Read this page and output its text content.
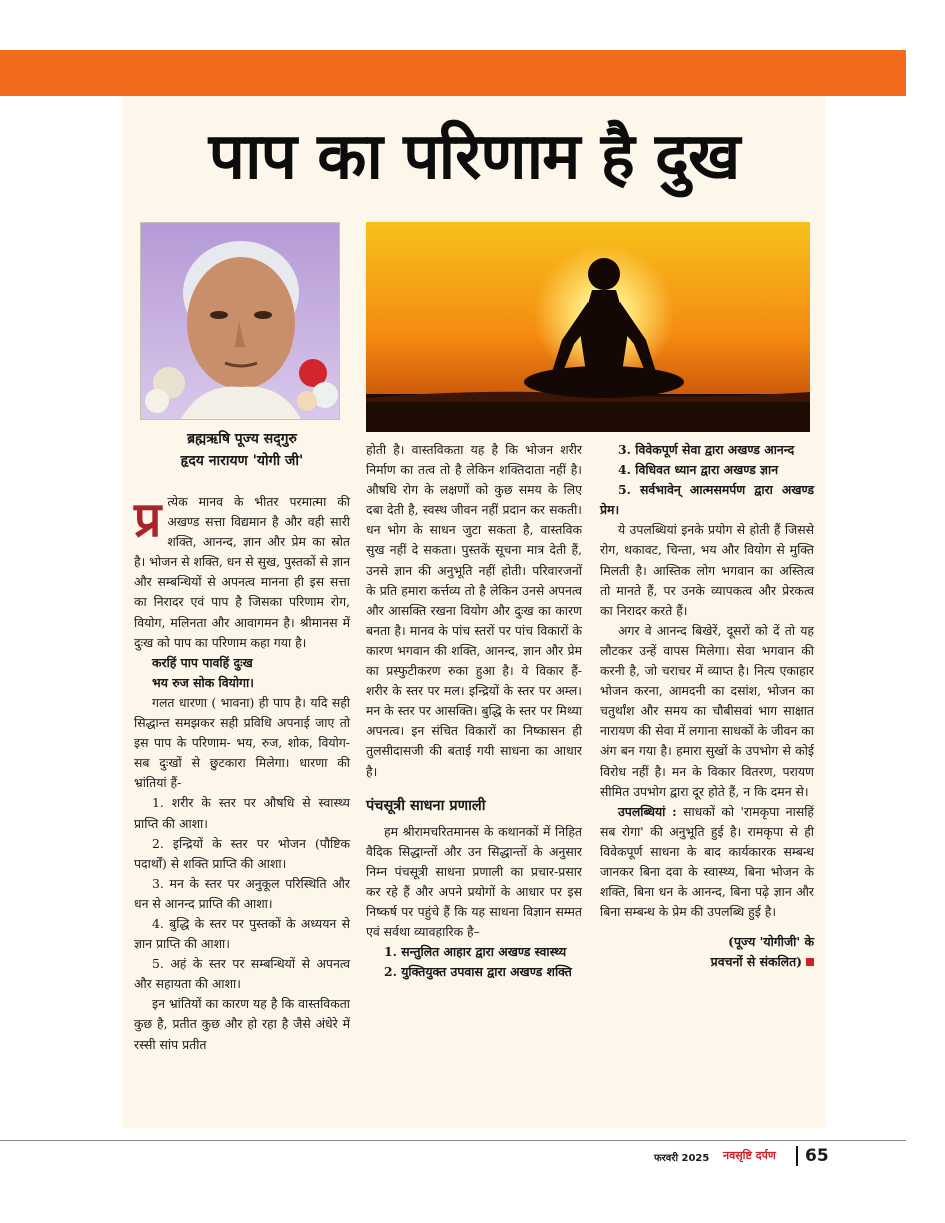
पाप का परिणाम है दुख
ब्रह्मऋषि पूज्य सद्‌गुरु
हृदय नारायण 'योगी जी'

प्र त्येक मानव के भीतर परमात्मा की अखण्ड सत्ता विद्यमान है और वही सारी शक्ति, आनन्द, ज्ञान और प्रेम का स्रोत है। भोजन से शक्ति, धन से सुख, पुस्तकों से ज्ञान और सम्बन्धियों से अपनत्व मानना ही इस सत्ता का निरादर एवं पाप है जिसका परिणाम रोग, वियोग, मलिनता और आवागमन है। श्रीमानस में दुःख को पाप का परिणाम कहा गया है।

करहिं पाप पावहिं दुःख

भय रुज सोक वियोगा।

गलत धारणा ( भावना) ही पाप है। यदि सही सिद्धान्त समझकर सही प्रविधि अपनाई जाए तो इस पाप के परिणाम- भय, रुज, शोक, वियोग- सब दुःखों से छुटकारा मिलेगा। धारणा की भ्रांतियां हैं-

1. शरीर के स्तर पर औषधि से स्वास्थ्य प्राप्ति की आशा।

2. इन्द्रियों के स्तर पर भोजन (पौष्टिक पदार्थों) से शक्ति प्राप्ति की आशा।

3. मन के स्तर पर अनुकूल परिस्थिति और धन से आनन्द प्राप्ति की आशा।

4. बुद्धि के स्तर पर पुस्तकों के अध्ययन से ज्ञान प्राप्ति की आशा।

5. अहं के स्तर पर सम्बन्धियों से अपनत्व और सहायता की आशा।

इन भ्रांतियों का कारण यह है कि वास्तविकता कुछ है, प्रतीत कुछ और हो रहा है जैसे अंधेरे में रस्सी सांप प्रतीत

होती है। वास्तविकता यह है कि भोजन शरीर निर्माण का तत्व तो है लेकिन शक्तिदाता नहीं है। औषधि रोग के लक्षणों को कुछ समय के लिए दबा देती है, स्वस्थ जीवन नहीं प्रदान कर सकती। धन भोग के साधन जुटा सकता है, वास्तविक सुख नहीं दे सकता। पुस्तकें सूचना मात्र देती हैं, उनसे ज्ञान की अनुभूति नहीं होती। परिवारजनों के प्रति हमारा कर्त्तव्य तो है लेकिन उनसे अपनत्व और आसक्ति रखना वियोग और दुःख का कारण बनता है। मानव के पांच स्तरों पर पांच विकारों के कारण भगवान की शक्ति, आनन्द, ज्ञान और प्रेम का प्रस्फुटीकरण रुका हुआ है। ये विकार हैं- शरीर के स्तर पर मल। इन्द्रियों के स्तर पर अम्ल। मन के स्तर पर आसक्ति। बुद्धि के स्तर पर मिथ्या अपनत्व। इन संचित विकारों का निष्कासन ही तुलसीदासजी की बताई गयी साधना का आधार है।

पंचसूत्री साधना प्रणाली

हम श्रीरामचरितमानस के कथानकों में निहित वैदिक सिद्धान्तों और उन सिद्धान्तों के अनुसार निम्न पंचसूत्री साधना प्रणाली का प्रचार-प्रसार कर रहे हैं और अपने प्रयोगों के आधार पर इस निष्कर्ष पर पहुंचे हैं कि यह साधना विज्ञान सम्मत एवं सर्वथा व्यावहारिक है–

1. सन्तुलित आहार द्वारा अखण्ड स्वास्थ्य

2. युक्तियुक्त उपवास द्वारा अखण्ड शक्ति

3. विवेकपूर्ण सेवा द्वारा अखण्ड आनन्द

4. विधिवत ध्यान द्वारा अखण्ड ज्ञान

5. सर्वभावेन् आत्मसमर्पण द्वारा अखण्ड प्रेम।

ये उपलब्धियां इनके प्रयोग से होती हैं जिससे रोग, थकावट, चिन्ता, भय और वियोग से मुक्ति मिलती है। आस्तिक लोग भगवान का अस्तित्व तो मानते हैं, पर उनके व्यापकत्व और प्रेरकत्व का निरादर करते हैं।

अगर वे आनन्द बिखेरें, दूसरों को दें तो यह लौटकर उन्हें वापस मिलेगा। सेवा भगवान की करनी है, जो चराचर में व्याप्त है। नित्य एकाहार भोजन करना, आमदनी का दसांश, भोजन का चतुर्थांश और समय का चौबीसवां भाग साक्षात नारायण की सेवा में लगाना साधकों के जीवन का अंग बन गया है। हमारा सुखों के उपभोग से कोई विरोध नहीं है। मन के विकार वितरण, परायण सीमित उपभोग द्वारा दूर होते हैं, न कि दमन से।

उपलब्धियां : साधकों को 'रामकृपा नासहिं सब रोगा' की अनुभूति हुई है। रामकृपा से ही विवेकपूर्ण साधना के बाद कार्यकारक सम्बन्ध जानकर बिना दवा के स्वास्थ्य, बिना भोजन के शक्ति, बिना धन के आनन्द, बिना पढ़े ज्ञान और बिना सम्बन्ध के प्रेम की उपलब्धि हुई है।

(पूज्य 'योगीजी' के
प्रवचनों से संकलित)

फरवरी 2025 नवसृष्टि दर्पण 65
